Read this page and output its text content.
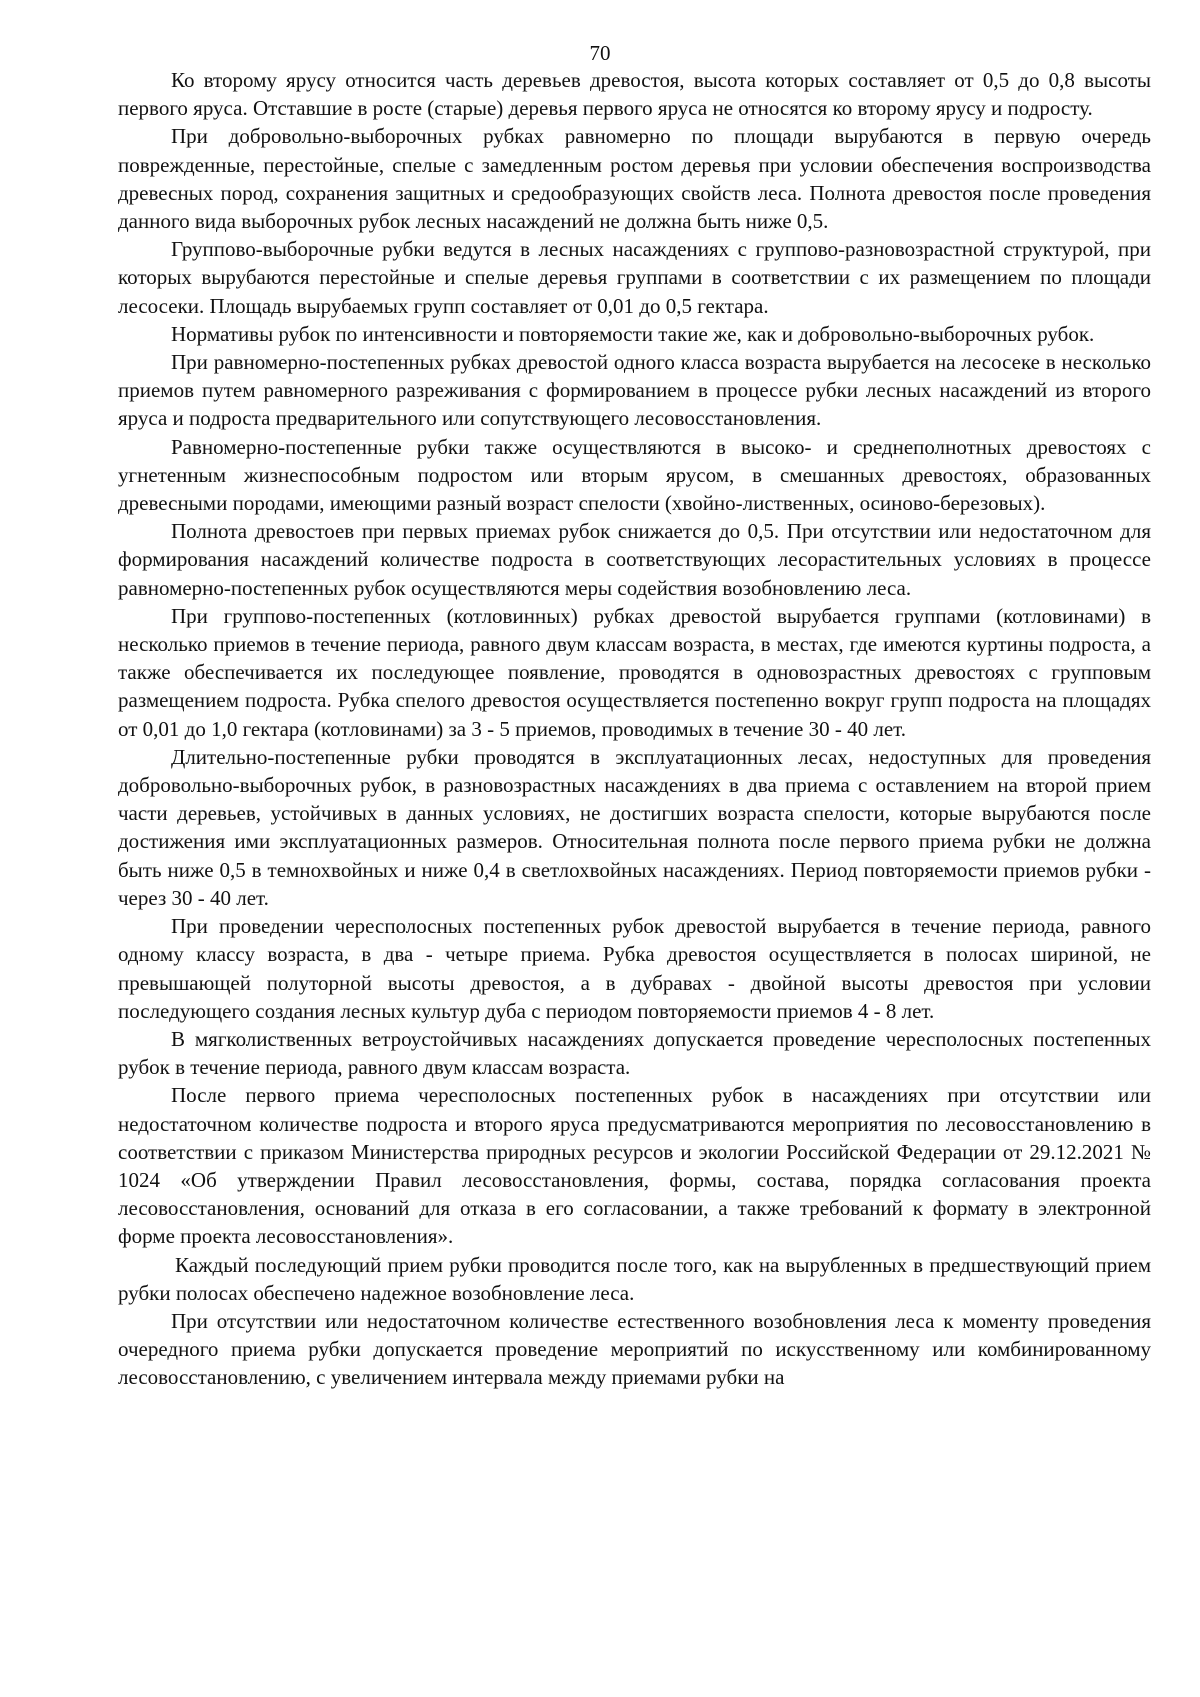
70

Ко второму ярусу относится часть деревьев древостоя, высота которых составляет от 0,5 до 0,8 высоты первого яруса. Отставшие в росте (старые) деревья первого яруса не относятся ко второму ярусу и подросту.

При добровольно-выборочных рубках равномерно по площади вырубаются в первую очередь поврежденные, перестойные, спелые с замедленным ростом деревья при условии обеспечения воспроизводства древесных пород, сохранения защитных и средообразующих свойств леса. Полнота древостоя после проведения данного вида выборочных рубок лесных насаждений не должна быть ниже 0,5.

Группово-выборочные рубки ведутся в лесных насаждениях с группово-разновозрастной структурой, при которых вырубаются перестойные и спелые деревья группами в соответствии с их размещением по площади лесосеки. Площадь вырубаемых групп составляет от 0,01 до 0,5 гектара.

Нормативы рубок по интенсивности и повторяемости такие же, как и добровольно-выборочных рубок.

При равномерно-постепенных рубках древостой одного класса возраста вырубается на лесосеке в несколько приемов путем равномерного разреживания с формированием в процессе рубки лесных насаждений из второго яруса и подроста предварительного или сопутствующего лесовосстановления.

Равномерно-постепенные рубки также осуществляются в высоко- и среднеполнотных древостоях с угнетенным жизнеспособным подростом или вторым ярусом, в смешанных древостоях, образованных древесными породами, имеющими разный возраст спелости (хвойно-лиственных, осиново-березовых).

Полнота древостоев при первых приемах рубок снижается до 0,5. При отсутствии или недостаточном для формирования насаждений количестве подроста в соответствующих лесорастительных условиях в процессе равномерно-постепенных рубок осуществляются меры содействия возобновлению леса.

При группово-постепенных (котловинных) рубках древостой вырубается группами (котловинами) в несколько приемов в течение периода, равного двум классам возраста, в местах, где имеются куртины подроста, а также обеспечивается их последующее появление, проводятся в одновозрастных древостоях с групповым размещением подроста. Рубка спелого древостоя осуществляется постепенно вокруг групп подроста на площадях от 0,01 до 1,0 гектара (котловинами) за 3 - 5 приемов, проводимых в течение 30 - 40 лет.

Длительно-постепенные рубки проводятся в эксплуатационных лесах, недоступных для проведения добровольно-выборочных рубок, в разновозрастных насаждениях в два приема с оставлением на второй прием части деревьев, устойчивых в данных условиях, не достигших возраста спелости, которые вырубаются после достижения ими эксплуатационных размеров. Относительная полнота после первого приема рубки не должна быть ниже 0,5 в темнохвойных и ниже 0,4 в светлохвойных насаждениях. Период повторяемости приемов рубки - через 30 - 40 лет.

При проведении чересполосных постепенных рубок древостой вырубается в течение периода, равного одному классу возраста, в два - четыре приема. Рубка древостоя осуществляется в полосах шириной, не превышающей полуторной высоты древостоя, а в дубравах - двойной высоты древостоя при условии последующего создания лесных культур дуба с периодом повторяемости приемов 4 - 8 лет.

В мягколиственных ветроустойчивых насаждениях допускается проведение чересполосных постепенных рубок в течение периода, равного двум классам возраста.

После первого приема чересполосных постепенных рубок в насаждениях при отсутствии или недостаточном количестве подроста и второго яруса предусматриваются мероприятия по лесовосстановлению в соответствии с приказом Министерства природных ресурсов и экологии Российской Федерации от 29.12.2021 № 1024 «Об утверждении Правил лесовосстановления, формы, состава, порядка согласования проекта лесовосстановления, оснований для отказа в его согласовании, а также требований к формату в электронной форме проекта лесовосстановления».

Каждый последующий прием рубки проводится после того, как на вырубленных в предшествующий прием рубки полосах обеспечено надежное возобновление леса.

При отсутствии или недостаточном количестве естественного возобновления леса к моменту проведения очередного приема рубки допускается проведение мероприятий по искусственному или комбинированному лесовосстановлению, с увеличением интервала между приемами рубки на
